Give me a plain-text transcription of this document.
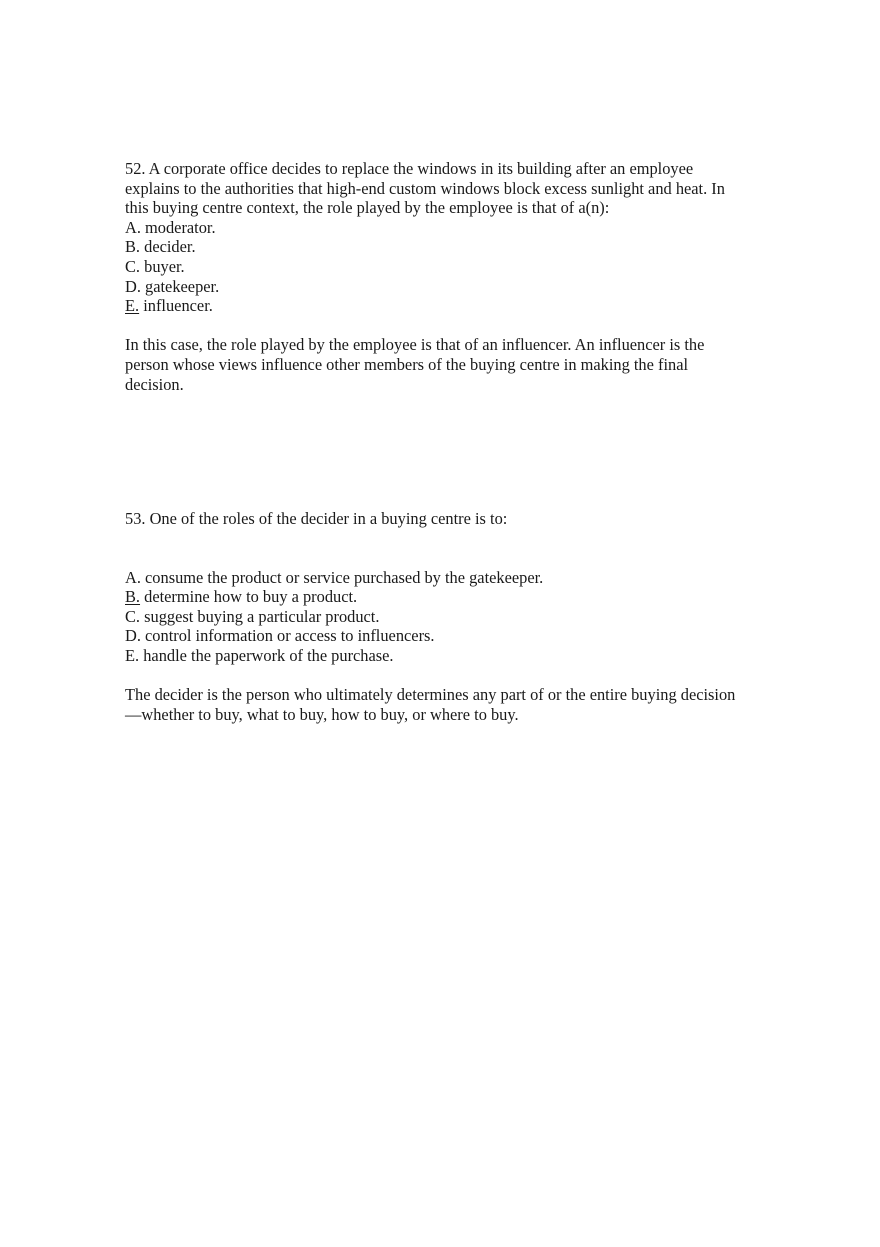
52. A corporate office decides to replace the windows in its building after an employee
explains to the authorities that high-end custom windows block excess sunlight and heat. In
this buying centre context, the role played by the employee is that of a(n):

A. moderator.
B. decider.
C. buyer.
D. gatekeeper.
E. influencer.

In this case, the role played by the employee is that of an influencer. An influencer is the
person whose views influence other members of the buying centre in making the final
decision.

53. One of the roles of the decider in a buying centre is to:

A. consume the product or service purchased by the gatekeeper.
B. determine how to buy a product.
C. suggest buying a particular product.
D. control information or access to influencers.
E. handle the paperwork of the purchase.

The decider is the person who ultimately determines any part of or the entire buying decision
—whether to buy, what to buy, how to buy, or where to buy.
